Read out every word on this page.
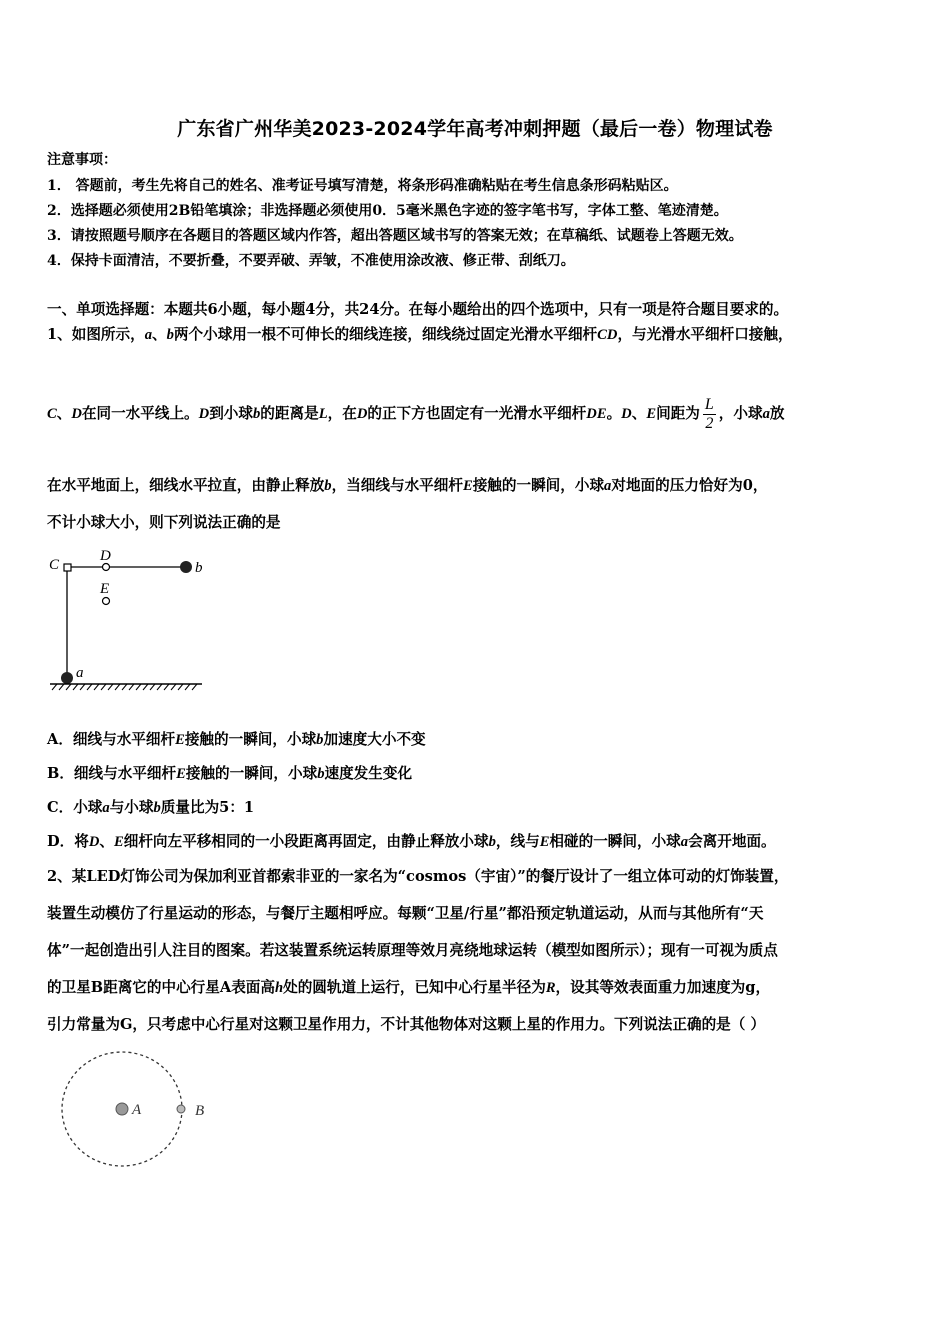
广东省广州华美2023-2024学年高考冲刺押题（最后一卷）物理试卷
注意事项：
1． 答题前，考生先将自己的姓名、准考证号填写清楚，将条形码准确粘贴在考生信息条形码粘贴区。
2．选择题必须使用2B铅笔填涂；非选择题必须使用0．5毫米黑色字迹的签字笔书写，字体工整、笔迹清楚。
3．请按照题号顺序在各题目的答题区域内作答，超出答题区域书写的答案无效；在草稿纸、试题卷上答题无效。
4．保持卡面清洁，不要折叠，不要弄破、弄皱，不准使用涂改液、修正带、刮纸刀。
一、单项选择题：本题共6小题，每小题4分，共24分。在每小题给出的四个选项中，只有一项是符合题目要求的。
1、如图所示，a、b两个小球用一根不可伸长的细线连接，细线绕过固定光滑水平细杆CD，与光滑水平细杆口接触，
C、D在同一水平线上。D到小球b的距离是L，在D的正下方也固定有一光滑水平细杆DE。D、E间距为 $\frac{L}{2}$ ，小球a放
在水平地面上，细线水平拉直，由静止释放b，当细线与水平细杆E接触的一瞬间，小球a对地面的压力恰好为0，
不计小球大小，则下列说法正确的是
C
D
E
b
a
A．细线与水平细杆E接触的一瞬间，小球b加速度大小不变
B．细线与水平细杆E接触的一瞬间，小球b速度发生变化
C．小球a与小球b质量比为5：1
D．将D、E细杆向左平移相同的一小段距离再固定，由静止释放小球b，线与E相碰的一瞬间，小球a会离开地面。
2、某LED灯饰公司为保加利亚首都索非亚的一家名为“cosmos（宇宙）”的餐厅设计了一组立体可动的灯饰装置，
装置生动模仿了行星运动的形态，与餐厅主题相呼应。每颗“卫星/行星”都沿预定轨道运动，从而与其他所有“天
体”一起创造出引人注目的图案。若这装置系统运转原理等效月亮绕地球运转（模型如图所示）；现有一可视为质点
的卫星B距离它的中心行星A表面高h处的圆轨道上运行，已知中心行星半径为R，设其等效表面重力加速度为g，
引力常量为G，只考虑中心行星对这颗卫星作用力，不计其他物体对这颗上星的作用力。下列说法正确的是（ ）
A	B
